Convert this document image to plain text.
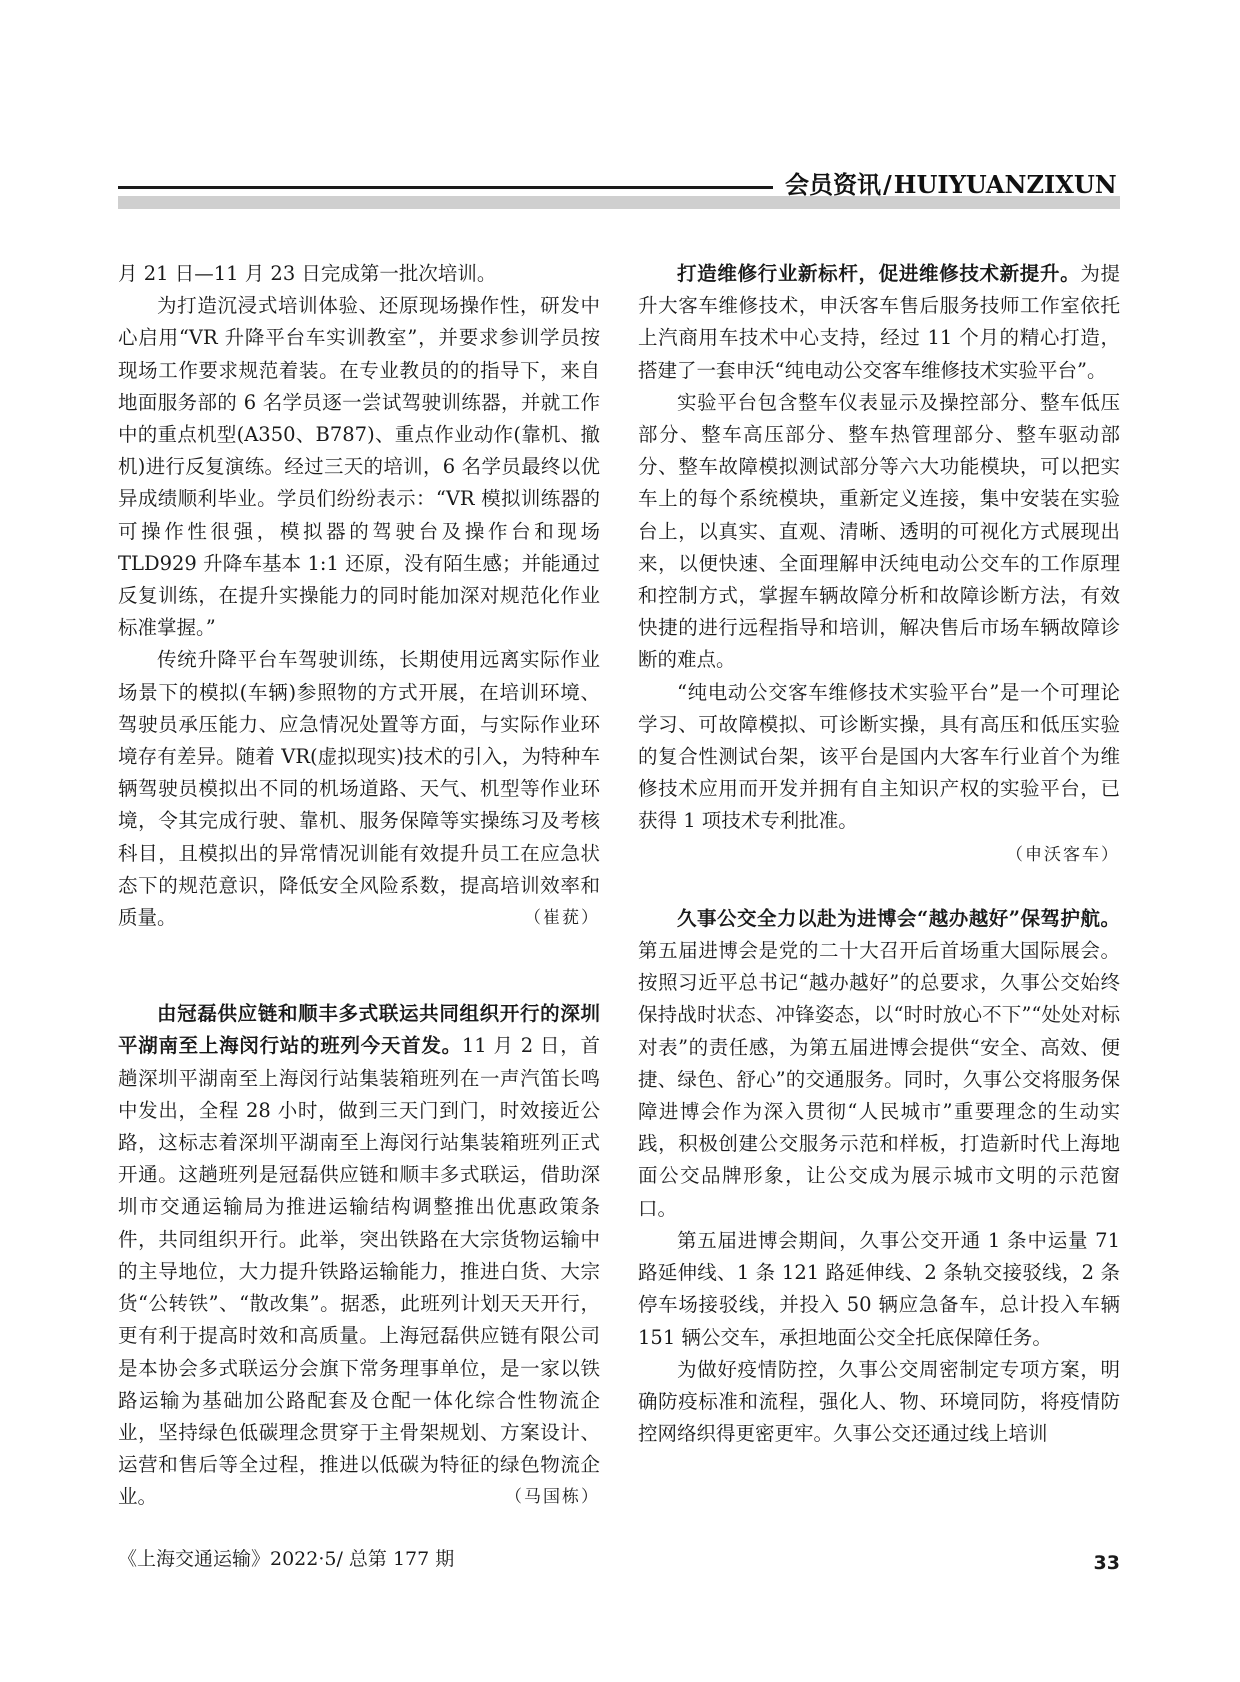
会员资讯/HUIYUANZIXUN

月 21 日—11 月 23 日完成第一批次培训。

为打造沉浸式培训体验、还原现场操作性，研发中心启用“VR 升降平台车实训教室”，并要求参训学员按现场工作要求规范着装。在专业教员的的指导下，来自地面服务部的 6 名学员逐一尝试驾驶训练器，并就工作中的重点机型(A350、B787)、重点作业动作(靠机、撤机)进行反复演练。经过三天的培训，6 名学员最终以优异成绩顺利毕业。学员们纷纷表示：“VR 模拟训练器的可操作性很强，模拟器的驾驶台及操作台和现场 TLD929 升降车基本 1:1 还原，没有陌生感；并能通过反复训练，在提升实操能力的同时能加深对规范化作业标准掌握。”

传统升降平台车驾驶训练，长期使用远离实际作业场景下的模拟(车辆)参照物的方式开展，在培训环境、驾驶员承压能力、应急情况处置等方面，与实际作业环境存有差异。随着 VR(虚拟现实)技术的引入，为特种车辆驾驶员模拟出不同的机场道路、天气、机型等作业环境，令其完成行驶、靠机、服务保障等实操练习及考核科目，且模拟出的异常情况训能有效提升员工在应急状态下的规范意识，降低安全风险系数，提高培训效率和质量。	（崔莸）

由冠磊供应链和顺丰多式联运共同组织开行的深圳平湖南至上海闵行站的班列今天首发。11 月 2 日，首趟深圳平湖南至上海闵行站集装箱班列在一声汽笛长鸣中发出，全程 28 小时，做到三天门到门，时效接近公路，这标志着深圳平湖南至上海闵行站集装箱班列正式开通。这趟班列是冠磊供应链和顺丰多式联运，借助深圳市交通运输局为推进运输结构调整推出优惠政策条件，共同组织开行。此举，突出铁路在大宗货物运输中的主导地位，大力提升铁路运输能力，推进白货、大宗货“公转铁”、“散改集”。据悉，此班列计划天天开行，更有利于提高时效和高质量。上海冠磊供应链有限公司是本协会多式联运分会旗下常务理事单位，是一家以铁路运输为基础加公路配套及仓配一体化综合性物流企业，坚持绿色低碳理念贯穿于主骨架规划、方案设计、运营和售后等全过程，推进以低碳为特征的绿色物流企业。	（马国栋）

打造维修行业新标杆，促进维修技术新提升。为提升大客车维修技术，申沃客车售后服务技师工作室依托上汽商用车技术中心支持，经过 11 个月的精心打造，搭建了一套申沃“纯电动公交客车维修技术实验平台”。

实验平台包含整车仪表显示及操控部分、整车低压部分、整车高压部分、整车热管理部分、整车驱动部分、整车故障模拟测试部分等六大功能模块，可以把实车上的每个系统模块，重新定义连接，集中安装在实验台上，以真实、直观、清晰、透明的可视化方式展现出来，以便快速、全面理解申沃纯电动公交车的工作原理和控制方式，掌握车辆故障分析和故障诊断方法，有效快捷的进行远程指导和培训，解决售后市场车辆故障诊断的难点。

“纯电动公交客车维修技术实验平台”是一个可理论学习、可故障模拟、可诊断实操，具有高压和低压实验的复合性测试台架，该平台是国内大客车行业首个为维修技术应用而开发并拥有自主知识产权的实验平台，已获得 1 项技术专利批准。

（申沃客车）

久事公交全力以赴为进博会“越办越好”保驾护航。第五届进博会是党的二十大召开后首场重大国际展会。按照习近平总书记“越办越好”的总要求，久事公交始终保持战时状态、冲锋姿态，以“时时放心不下”“处处对标对表”的责任感，为第五届进博会提供“安全、高效、便捷、绿色、舒心”的交通服务。同时，久事公交将服务保障进博会作为深入贯彻“人民城市”重要理念的生动实践，积极创建公交服务示范和样板，打造新时代上海地面公交品牌形象，让公交成为展示城市文明的示范窗口。

第五届进博会期间，久事公交开通 1 条中运量 71 路延伸线、1 条 121 路延伸线、2 条轨交接驳线，2 条停车场接驳线，并投入 50 辆应急备车，总计投入车辆 151 辆公交车，承担地面公交全托底保障任务。

为做好疫情防控，久事公交周密制定专项方案，明确防疫标准和流程，强化人、物、环境同防，将疫情防控网络织得更密更牢。久事公交还通过线上培训

《上海交通运输》2022·5/ 总第 177 期	33
